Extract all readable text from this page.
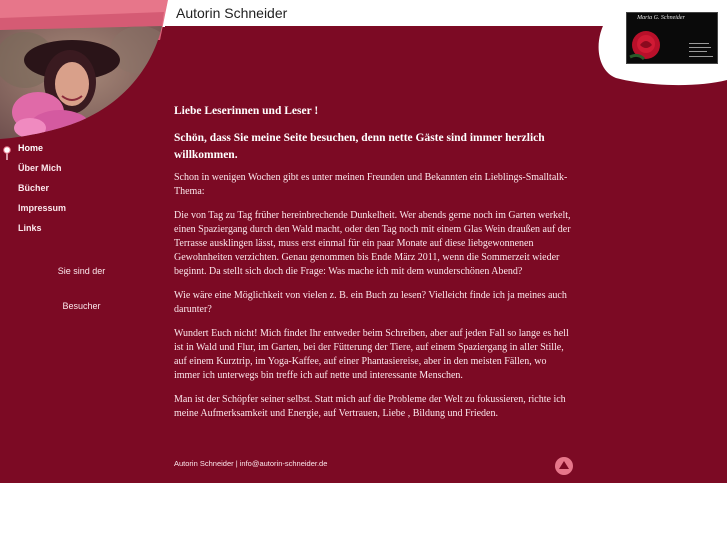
Autorin Schneider	Maria G. Schneider
Home
Über Mich
Bücher
Impressum
Links
Sie sind der
Besucher
Liebe Leserinnen und Leser !
Schön, dass Sie meine Seite besuchen, denn nette Gäste sind immer herzlich willkommen.

Schon in wenigen Wochen gibt es unter meinen Freunden und Bekannten ein Lieblings-Smalltalk-Thema:

Die von Tag zu Tag früher hereinbrechende Dunkelheit. Wer abends gerne noch im Garten werkelt, einen Spaziergang durch den Wald macht, oder den Tag noch mit einem Glas Wein draußen auf der Terrasse ausklingen lässt, muss erst einmal für ein paar Monate auf diese liebgewonnenen Gewohnheiten verzichten. Genau genommen bis Ende März 2011, wenn die Sommerzeit wieder beginnt. Da stellt sich doch die Frage: Was mache ich mit dem wunderschönen Abend?

Wie wäre eine Möglichkeit von vielen z. B. ein Buch zu lesen? Vielleicht finde ich ja meines auch darunter?

Wundert Euch nicht! Mich findet Ihr entweder beim Schreiben, aber auf jeden Fall so lange es hell ist in Wald und Flur, im Garten, bei der Fütterung der Tiere, auf einem Spaziergang in aller Stille, auf einem Kurztrip, im Yoga-Kaffee, auf einer Phantasiereise, aber in den meisten Fällen, wo immer ich unterwegs bin treffe ich auf nette und interessante Menschen.

Man ist der Schöpfer seiner selbst. Statt mich auf die Probleme der Welt zu fokussieren, richte ich meine Aufmerksamkeit und Energie, auf Vertrauen, Liebe , Bildung und Frieden.

Autorin Schneider | info@autorin-schneider.de
